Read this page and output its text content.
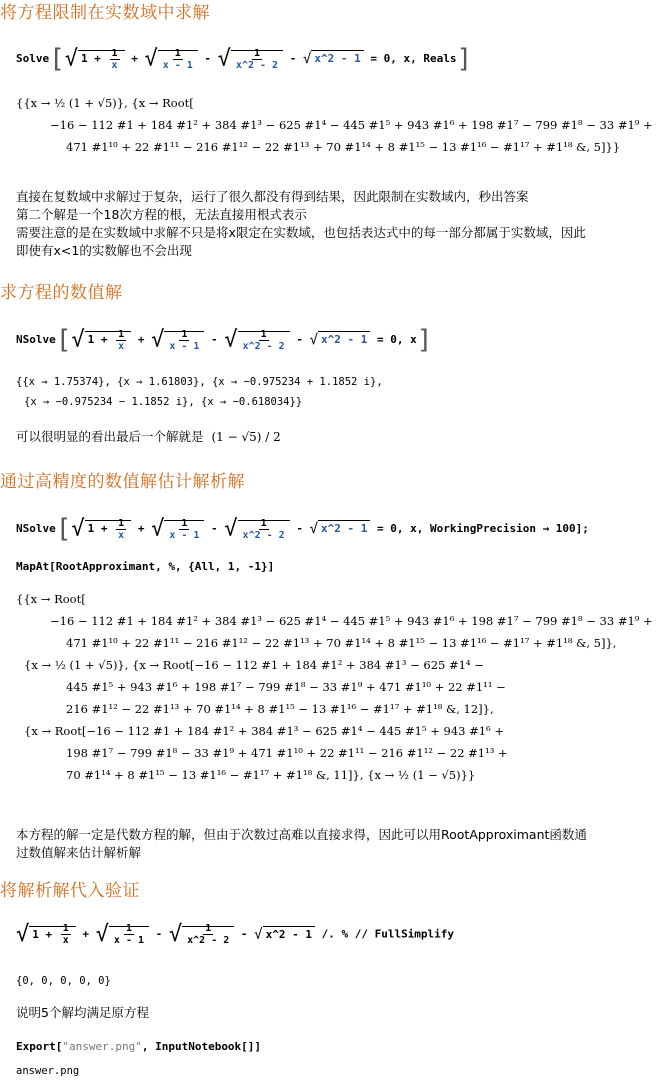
将方程限制在实数域中求解
Solve[√ $1 + \frac{1}{x}$ + √ $\frac{1}{x - 1}$ - √ $\frac{1}{x\^{}2 - 2}$ - √ x^2 - 1 = 0, x, Reals]
{{x → ½ (1 + √5)}, {x → Root[
−16 − 112 #1 + 184 #1² + 384 #1³ − 625 #1⁴ − 445 #1⁵ + 943 #1⁶ + 198 #1⁷ − 799 #1⁸ − 33 #1⁹ +
471 #1¹⁰ + 22 #1¹¹ − 216 #1¹² − 22 #1¹³ + 70 #1¹⁴ + 8 #1¹⁵ − 13 #1¹⁶ − #1¹⁷ + #1¹⁸ &, 5]}}
直接在复数域中求解过于复杂，运行了很久都没有得到结果，因此限制在实数域内，秒出答案
第二个解是一个18次方程的根，无法直接用根式表示
需要注意的是在实数域中求解不只是将x限定在实数域，也包括表达式中的每一部分都属于实数域，因此
即使有x<1的实数解也不会出现
求方程的数值解
NSolve[√ $1 + \frac{1}{x}$ + √ $\frac{1}{x - 1}$ - √ $\frac{1}{x\^{}2 - 2}$ - √ x^2 - 1 = 0, x]
{{x → 1.75374}, {x → 1.61803}, {x → −0.975234 + 1.1852 i},
{x → −0.975234 − 1.1852 i}, {x → −0.618034}}
可以很明显的看出最后一个解就是 (1 − √5) / 2
通过高精度的数值解估计解析解
NSolve[√ $1 + \frac{1}{x}$ + √ $\frac{1}{x - 1}$ - √ $\frac{1}{x\^{}2 - 2}$ - √ x^2 - 1 = 0, x, WorkingPrecision → 100];
MapAt[RootApproximant, %, {All, 1, -1}]
{{x → Root[
−16 − 112 #1 + 184 #1² + 384 #1³ − 625 #1⁴ − 445 #1⁵ + 943 #1⁶ + 198 #1⁷ − 799 #1⁸ − 33 #1⁹ +
471 #1¹⁰ + 22 #1¹¹ − 216 #1¹² − 22 #1¹³ + 70 #1¹⁴ + 8 #1¹⁵ − 13 #1¹⁶ − #1¹⁷ + #1¹⁸ &, 5]},
{x → ½ (1 + √5)}, {x → Root[−16 − 112 #1 + 184 #1² + 384 #1³ − 625 #1⁴ −
445 #1⁵ + 943 #1⁶ + 198 #1⁷ − 799 #1⁸ − 33 #1⁹ + 471 #1¹⁰ + 22 #1¹¹ −
216 #1¹² − 22 #1¹³ + 70 #1¹⁴ + 8 #1¹⁵ − 13 #1¹⁶ − #1¹⁷ + #1¹⁸ &, 12]},
{x → Root[−16 − 112 #1 + 184 #1² + 384 #1³ − 625 #1⁴ − 445 #1⁵ + 943 #1⁶ +
198 #1⁷ − 799 #1⁸ − 33 #1⁹ + 471 #1¹⁰ + 22 #1¹¹ − 216 #1¹² − 22 #1¹³ +
70 #1¹⁴ + 8 #1¹⁵ − 13 #1¹⁶ − #1¹⁷ + #1¹⁸ &, 11]}, {x → ½ (1 − √5)}}
本方程的解一定是代数方程的解，但由于次数过高难以直接求得，因此可以用RootApproximant函数通
过数值解来估计解析解
将解析解代入验证
√ $1 + \frac{1}{x}$ + √ $\frac{1}{x - 1}$ - √ $\frac{1}{x\^{}2 - 2}$ - √ x^2 - 1 /. % // FullSimplify
{0, 0, 0, 0, 0}
说明5个解均满足原方程
Export["answer.png", InputNotebook[]]
answer.png
